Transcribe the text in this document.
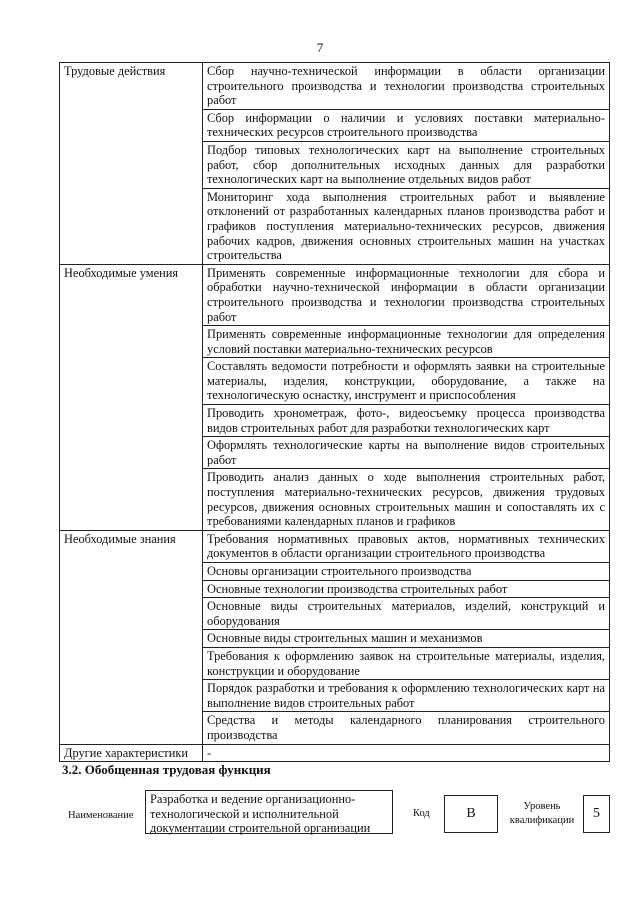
7
Трудовые действия	Сбор научно-технической информации в области организации строительного производства и технологии производства строительных работ
	Сбор информации о наличии и условиях поставки материально-технических ресурсов строительного производства
	Подбор типовых технологических карт на выполнение строительных работ, сбор дополнительных исходных данных для разработки технологических карт на выполнение отдельных видов работ
	Мониторинг хода выполнения строительных работ и выявление отклонений от разработанных календарных планов производства работ и графиков поступления материально-технических ресурсов, движения рабочих кадров, движения основных строительных машин на участках строительства
Необходимые умения	Применять современные информационные технологии для сбора и обработки научно-технической информации в области организации строительного производства и технологии производства строительных работ
	Применять современные информационные технологии для определения условий поставки материально-технических ресурсов
	Составлять ведомости потребности и оформлять заявки на строительные материалы, изделия, конструкции, оборудование, а также на технологическую оснастку, инструмент и приспособления
	Проводить хронометраж, фото-, видеосъемку процесса производства видов строительных работ для разработки технологических карт
	Оформлять технологические карты на выполнение видов строительных работ
	Проводить анализ данных о ходе выполнения строительных работ, поступления материально-технических ресурсов, движения трудовых ресурсов, движения основных строительных машин и сопоставлять их с требованиями календарных планов и графиков
Необходимые знания	Требования нормативных правовых актов, нормативных технических документов в области организации строительного производства
	Основы организации строительного производства
	Основные технологии производства строительных работ
	Основные виды строительных материалов, изделий, конструкций и оборудования
	Основные виды строительных машин и механизмов
	Требования к оформлению заявок на строительные материалы, изделия, конструкции и оборудование
	Порядок разработки и требования к оформлению технологических карт на выполнение видов строительных работ
	Средства и методы календарного планирования строительного производства
Другие характеристики	-
3.2. Обобщенная трудовая функция
Наименование
Разработка и ведение организационно-технологической и исполнительной документации строительной организации
Код	B	Уровень квалификации	5
